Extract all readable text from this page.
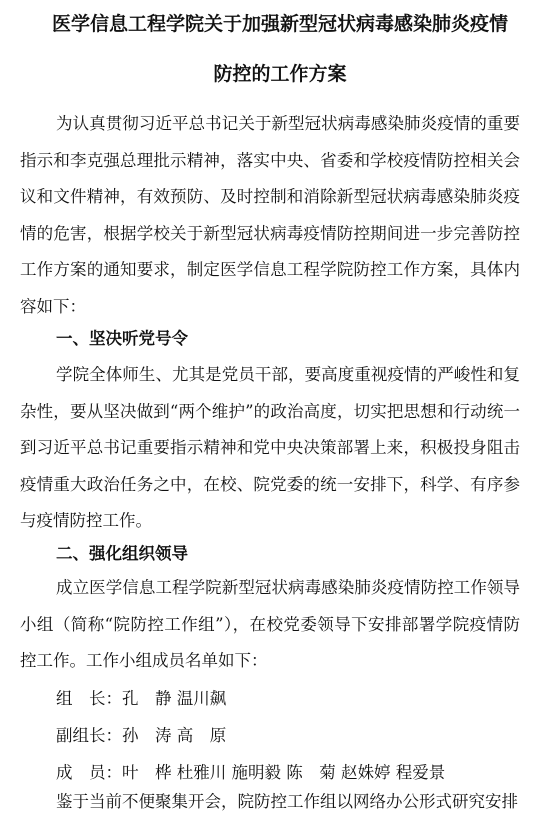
医学信息工程学院关于加强新型冠状病毒感染肺炎疫情
防控的工作方案

为认真贯彻习近平总书记关于新型冠状病毒感染肺炎疫情的重要指示和李克强总理批示精神，落实中央、省委和学校疫情防控相关会议和文件精神，有效预防、及时控制和消除新型冠状病毒感染肺炎疫情的危害，根据学校关于新型冠状病毒疫情防控期间进一步完善防控工作方案的通知要求，制定医学信息工程学院防控工作方案，具体内容如下：

一、坚决听党号令

学院全体师生、尤其是党员干部，要高度重视疫情的严峻性和复杂性，要从坚决做到“两个维护”的政治高度，切实把思想和行动统一到习近平总书记重要指示精神和党中央决策部署上来，积极投身阻击疫情重大政治任务之中，在校、院党委的统一安排下，科学、有序参与疫情防控工作。

二、强化组织领导

成立医学信息工程学院新型冠状病毒感染肺炎疫情防控工作领导小组（简称“院防控工作组”），在校党委领导下安排部署学院疫情防控工作。工作小组成员名单如下：

组　长：孔　静 温川飙
副组长：孙　涛 高　原
成　员：叶　桦 杜雅川 施明毅 陈　菊 赵姝婷 程爱景

鉴于当前不便聚集开会，院防控工作组以网络办公形式研究安排
